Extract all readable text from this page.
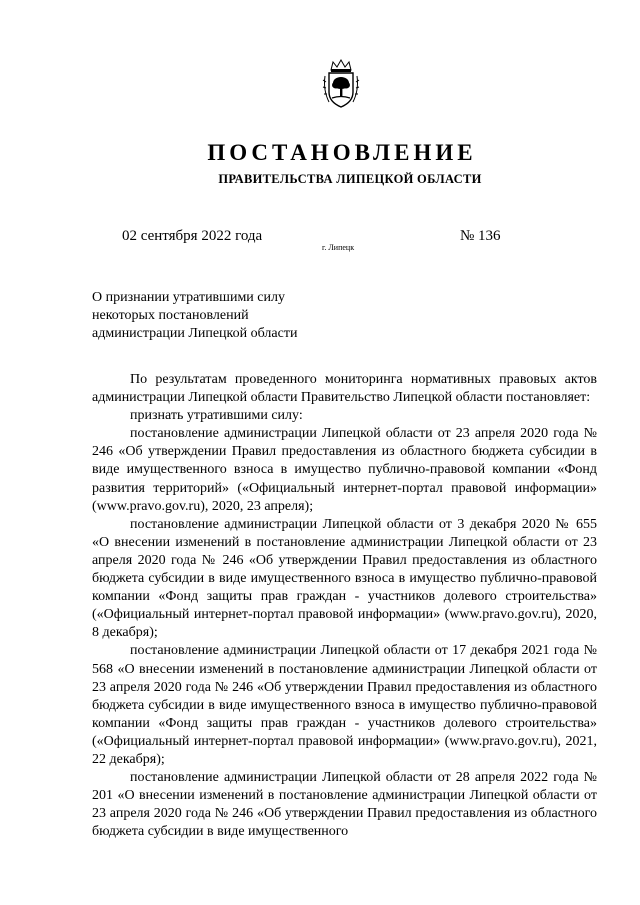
ПОСТАНОВЛЕНИЕ
ПРАВИТЕЛЬСТВА ЛИПЕЦКОЙ ОБЛАСТИ
02 сентября 2022 года
г. Липецк
№ 136
О признании утратившими силу
некоторых постановлений
администрации Липецкой области

По результатам проведенного мониторинга нормативных правовых актов администрации Липецкой области Правительство Липецкой области постановляет:

признать утратившими силу:

постановление администрации Липецкой области от 23 апреля 2020 года № 246 «Об утверждении Правил предоставления из областного бюджета субсидии в виде имущественного взноса в имущество публично-правовой компании «Фонд развития территорий» («Официальный интернет-портал правовой информации» (www.pravo.gov.ru), 2020, 23 апреля);

постановление администрации Липецкой области от 3 декабря 2020 № 655 «О внесении изменений в постановление администрации Липецкой области от 23 апреля 2020 года № 246 «Об утверждении Правил предоставления из областного бюджета субсидии в виде имущественного взноса в имущество публично-правовой компании «Фонд защиты прав граждан - участников долевого строительства» («Официальный интернет-портал правовой информации» (www.pravo.gov.ru), 2020, 8 декабря);

постановление администрации Липецкой области от 17 декабря 2021 года № 568 «О внесении изменений в постановление администрации Липецкой области от 23 апреля 2020 года № 246 «Об утверждении Правил предоставления из областного бюджета субсидии в виде имущественного взноса в имущество публично-правовой компании «Фонд защиты прав граждан - участников долевого строительства» («Официальный интернет-портал правовой информации» (www.pravo.gov.ru), 2021, 22 декабря);

постановление администрации Липецкой области от 28 апреля 2022 года № 201 «О внесении изменений в постановление администрации Липецкой области от 23 апреля 2020 года № 246 «Об утверждении Правил предоставления из областного бюджета субсидии в виде имущественного
